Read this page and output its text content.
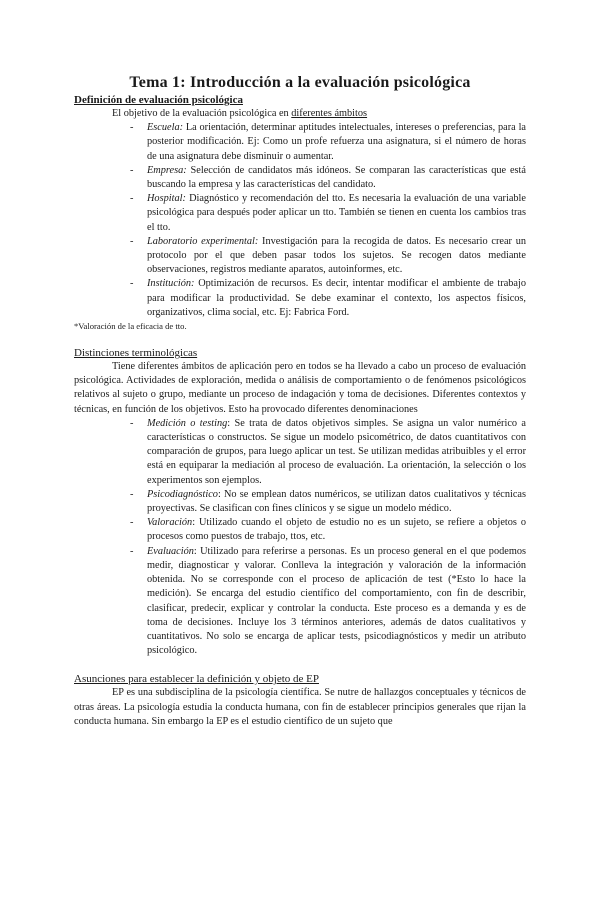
Tema 1: Introducción a la evaluación psicológica
Definición de evaluación psicológica
El objetivo de la evaluación psicológica en diferentes ámbitos
- Escuela: La orientación, determinar aptitudes intelectuales, intereses o preferencias, para la posterior modificación. Ej: Como un profe refuerza una asignatura, si el número de horas de una asignatura debe disminuir o aumentar.
- Empresa: Selección de candidatos más idóneos. Se comparan las características que está buscando la empresa y las características del candidato.
- Hospital: Diagnóstico y recomendación del tto. Es necesaria la evaluación de una variable psicológica para después poder aplicar un tto. También se tienen en cuenta los cambios tras el tto.
- Laboratorio experimental: Investigación para la recogida de datos. Es necesario crear un protocolo por el que deben pasar todos los sujetos. Se recogen datos mediante observaciones, registros mediante aparatos, autoinformes, etc.
- Institución: Optimización de recursos. Es decir, intentar modificar el ambiente de trabajo para modificar la productividad. Se debe examinar el contexto, los aspectos físicos, organizativos, clima social, etc. Ej: Fabrica Ford.
*Valoración de la eficacia de tto.
Distinciones terminológicas

Tiene diferentes ámbitos de aplicación pero en todos se ha llevado a cabo un proceso de evaluación psicológica. Actividades de exploración, medida o análisis de comportamiento o de fenómenos psicológicos relativos al sujeto o grupo, mediante un proceso de indagación y toma de decisiones. Diferentes contextos y técnicas, en función de los objetivos. Esto ha provocado diferentes denominaciones

- Medición o testing: Se trata de datos objetivos simples. Se asigna un valor numérico a características o constructos. Se sigue un modelo psicométrico, de datos cuantitativos con comparación de grupos, para luego aplicar un test. Se utilizan medidas atribuibles y el error está en equiparar la mediación al proceso de evaluación. La orientación, la selección o los experimentos son ejemplos.
- Psicodiagnóstico: No se emplean datos numéricos, se utilizan datos cualitativos y técnicas proyectivas. Se clasifican con fines clínicos y se sigue un modelo médico.
- Valoración: Utilizado cuando el objeto de estudio no es un sujeto, se refiere a objetos o procesos como puestos de trabajo, ttos, etc.
- Evaluación: Utilizado para referirse a personas. Es un proceso general en el que podemos medir, diagnosticar y valorar. Conlleva la integración y valoración de la información obtenida. No se corresponde con el proceso de aplicación de test (*Esto lo hace la medición). Se encarga del estudio científico del comportamiento, con fin de describir, clasificar, predecir, explicar y controlar la conducta. Este proceso es a demanda y es de toma de decisiones. Incluye los 3 términos anteriores, además de datos cualitativos y cuantitativos. No solo se encarga de aplicar tests, psicodiagnósticos y medir un atributo psicológico.
Asunciones para establecer la definición y objeto de EP

EP es una subdisciplina de la psicología científica. Se nutre de hallazgos conceptuales y técnicos de otras áreas. La psicología estudia la conducta humana, con fin de establecer principios generales que rijan la conducta humana. Sin embargo la EP es el estudio científico de un sujeto que
